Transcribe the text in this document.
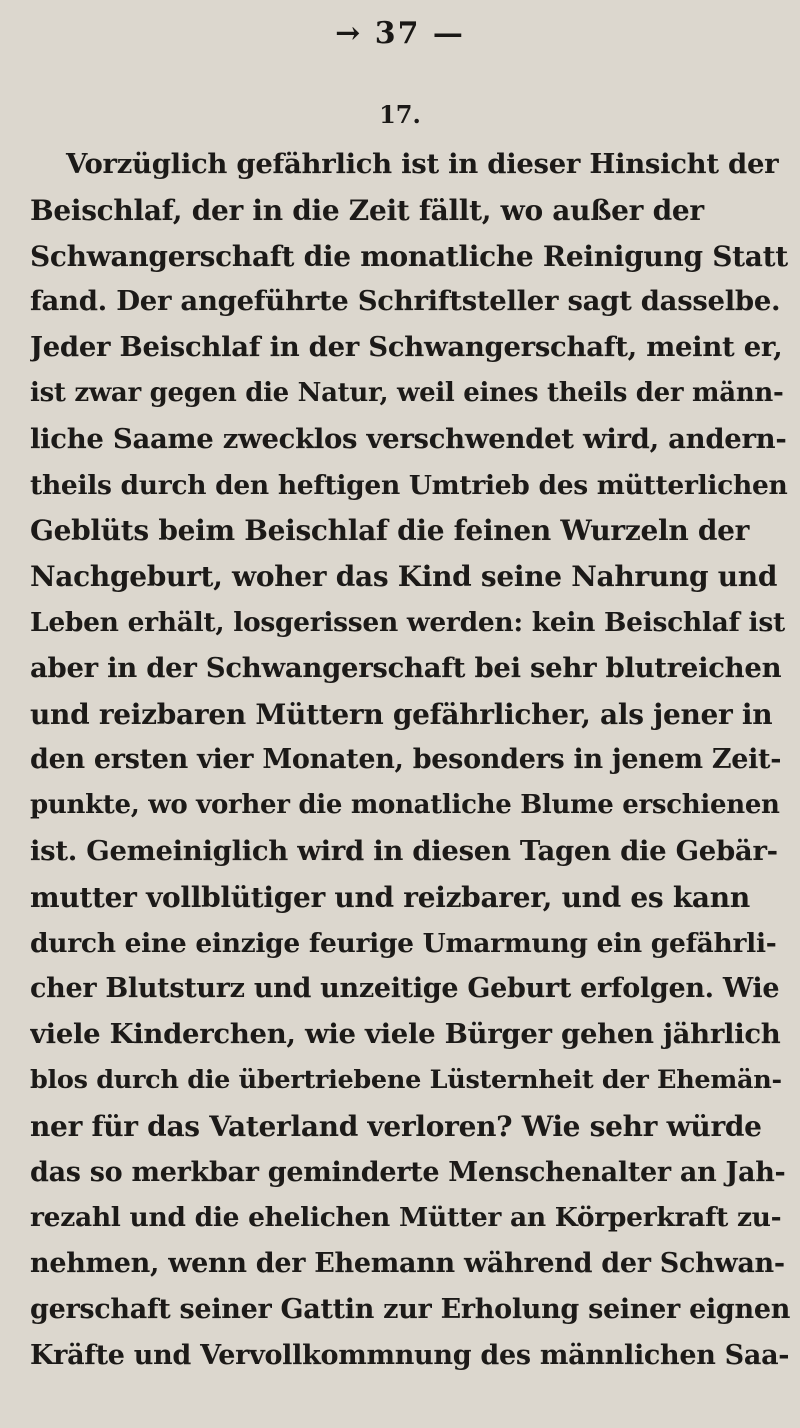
→ 37 —
17.
Vorzüglich gefährlich ist in dieser Hinsicht der
Beischlaf, der in die Zeit fällt, wo außer der
Schwangerschaft die monatliche Reinigung Statt
fand. Der angeführte Schriftsteller sagt dasselbe.
Jeder Beischlaf in der Schwangerschaft, meint er,
ist zwar gegen die Natur, weil eines theils der männ-
liche Saame zwecklos verschwendet wird, andern-
theils durch den heftigen Umtrieb des mütterlichen
Geblüts beim Beischlaf die feinen Wurzeln der
Nachgeburt, woher das Kind seine Nahrung und
Leben erhält, losgerissen werden: kein Beischlaf ist
aber in der Schwangerschaft bei sehr blutreichen
und reizbaren Müttern gefährlicher, als jener in
den ersten vier Monaten, besonders in jenem Zeit-
punkte, wo vorher die monatliche Blume erschienen
ist. Gemeiniglich wird in diesen Tagen die Gebär-
mutter vollblütiger und reizbarer, und es kann
durch eine einzige feurige Umarmung ein gefährli-
cher Blutsturz und unzeitige Geburt erfolgen. Wie
viele Kinderchen, wie viele Bürger gehen jährlich
blos durch die übertriebene Lüsternheit der Ehemän-
ner für das Vaterland verloren? Wie sehr würde
das so merkbar geminderte Menschenalter an Jah-
rezahl und die ehelichen Mütter an Körperkraft zu-
nehmen, wenn der Ehemann während der Schwan-
gerschaft seiner Gattin zur Erholung seiner eignen
Kräfte und Vervollkommnung des männlichen Saa-
